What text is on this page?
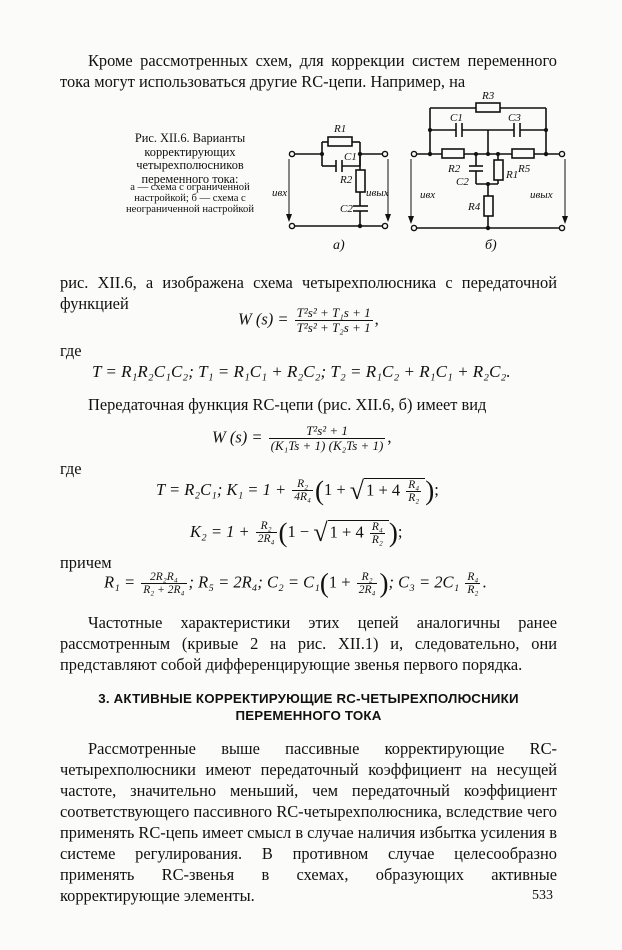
Кроме рассмотренных схем, для коррекции систем переменного тока могут использоваться другие RC-цепи. Например, на
Рис. XII.6. Варианты корректирующих четырехполюсников переменного тока:
а — схема с ограниченной настройкой; б — схема с неограниченной настройкой
R1
C1
R2
C2
uвх	uвых
R3
C1	C3
R2	R5
R1
C2
R4
uвх	uвых
а)	б)
рис. XII.6, а изображена схема четырехполюсника с передаточной функцией
W $(s) = \frac{\text{T²s² + T₁s + 1}}{\text{T²s² + T₂s + 1}}$ ,
где
T = R₁R₂C₁C₂; T₁ = R₁C₁ + R₂C₂; T₂ = R₁C₂ + R₁C₁ + R₂C₂.
Передаточная функция RC-цепи (рис. XII.6, б) имеет вид
W $(s) = \frac{\text{T²s² + 1}}{\text{(K₁Ts + 1) (K₂Ts + 1)}}$ ,
где
T = R₂C₁; $K_1 = 1 + \frac{\text{R₂}}{\text{4R₄}} (1$ + √ $1 + 4 \frac{\text{R₄}}{\text{R₂}}$ );
$K_2 = 1 + \frac{\text{R₂}}{\text{2R₄}} (1$ − √ $1 + 4 \frac{\text{R₄}}{\text{R₂}}$ );
причем
$R_1 = \frac{\text{2R₂R₄}}{\text{R₂ + 2R₄}}$ ; R₅ = 2R₄; $C_2 = C_1(1 + \frac{\text{R₂}}{\text{2R₄}}$ ); $C_3 = 2C_1 \frac{\text{R₄}}{\text{R₂}}$ .
Частотные характеристики этих цепей аналогичны ранее рассмотренным (кривые 2 на рис. XII.1) и, следовательно, они представляют собой дифференцирующие звенья первого порядка.
3. АКТИВНЫЕ КОРРЕКТИРУЮЩИЕ RC-ЧЕТЫРЕХПОЛЮСНИКИ
ПЕРЕМЕННОГО ТОКА
Рассмотренные выше пассивные корректирующие RC-четырехполюсники имеют передаточный коэффициент на несущей частоте, значительно меньший, чем передаточный коэффициент соответствующего пассивного RC-четырехполюсника, вследствие чего применять RC-цепь имеет смысл в случае наличия избытка усиления в системе регулирования. В противном случае целесообразно применять RC-звенья в схемах, образующих активные корректирующие элементы.	533
